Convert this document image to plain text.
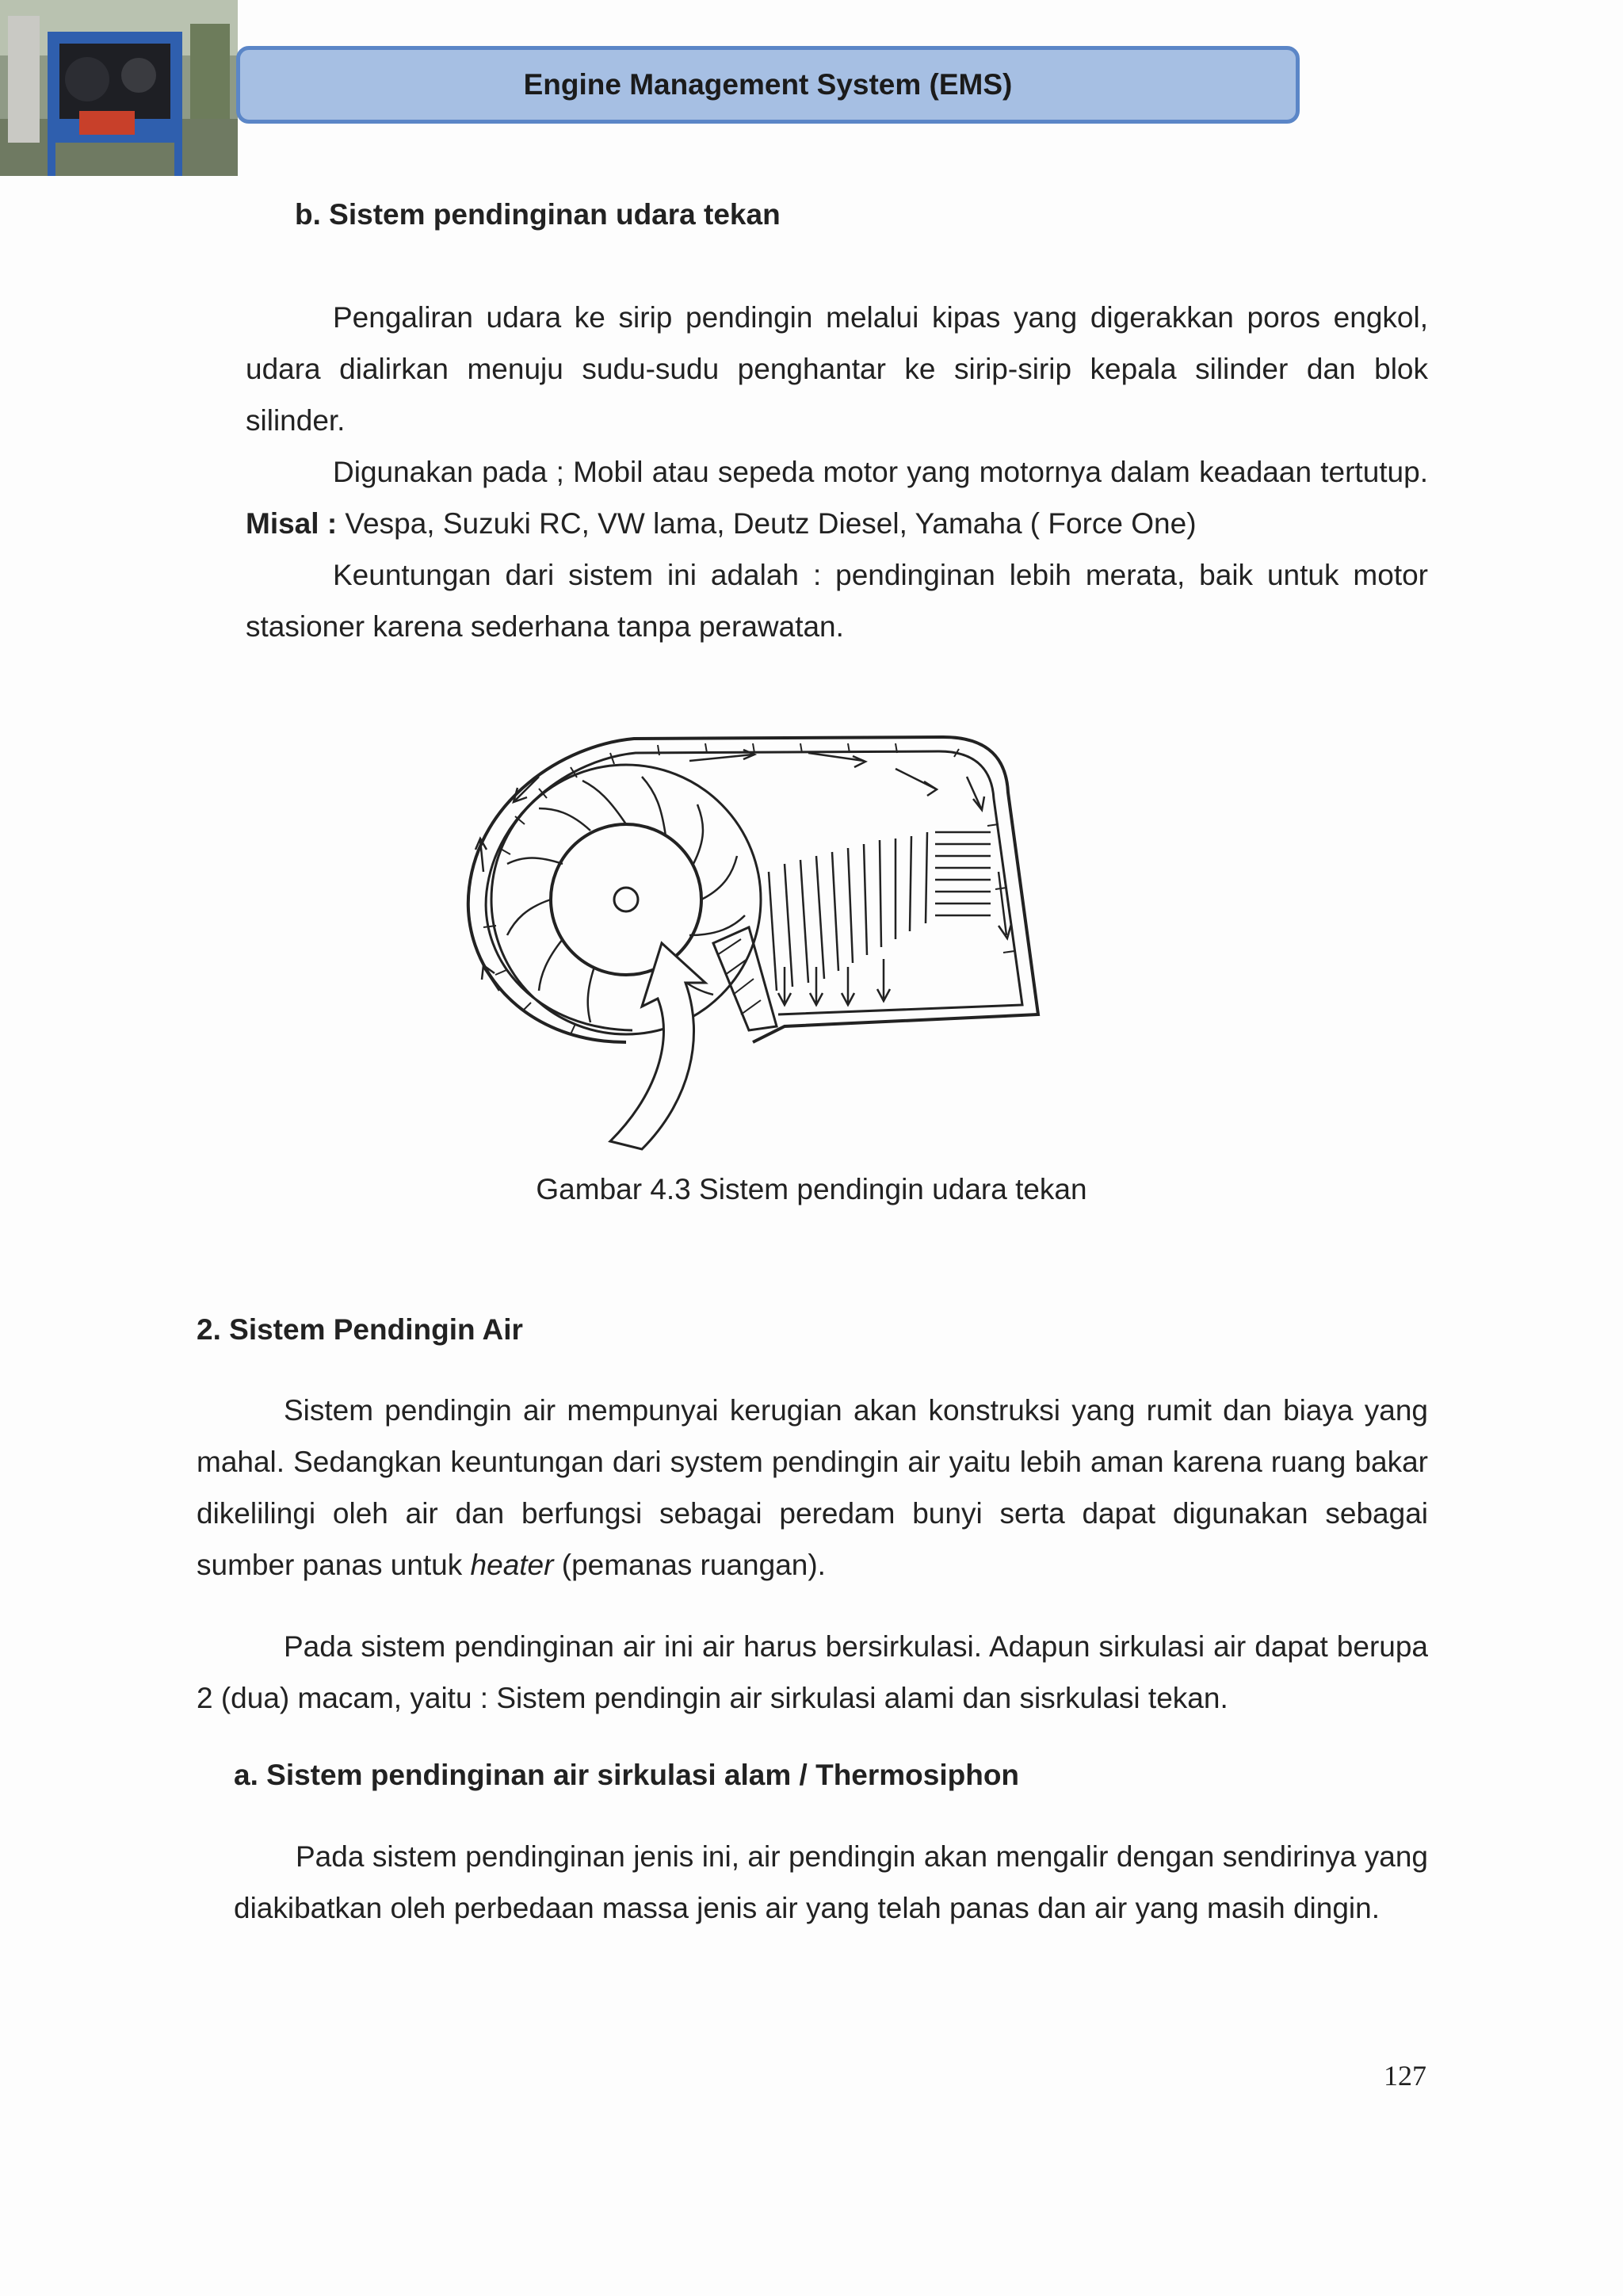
Engine Management System (EMS)
b. Sistem pendinginan udara tekan
Pengaliran udara ke sirip pendingin melalui kipas yang digerakkan poros engkol, udara dialirkan menuju sudu-sudu penghantar ke sirip-sirip kepala silinder dan blok silinder.
Digunakan pada ; Mobil atau sepeda motor yang motornya dalam keadaan tertutup. Misal : Vespa, Suzuki RC, VW lama, Deutz Diesel, Yamaha ( Force One)
Keuntungan dari sistem ini adalah : pendinginan lebih merata, baik untuk motor stasioner karena sederhana tanpa perawatan.
Gambar 4.3 Sistem pendingin udara tekan
2. Sistem Pendingin Air
Sistem pendingin air mempunyai kerugian akan konstruksi yang rumit dan biaya yang mahal. Sedangkan keuntungan dari system pendingin air yaitu lebih aman karena ruang bakar dikelilingi oleh air dan berfungsi sebagai peredam bunyi serta dapat digunakan sebagai sumber panas untuk heater (pemanas ruangan).
Pada sistem pendinginan air ini air harus bersirkulasi. Adapun sirkulasi air dapat berupa 2 (dua) macam, yaitu : Sistem pendingin air sirkulasi alami dan sisrkulasi tekan.
a. Sistem pendinginan air sirkulasi alam / Thermosiphon
Pada sistem pendinginan jenis ini, air pendingin akan mengalir dengan sendirinya yang diakibatkan oleh perbedaan massa jenis air yang telah panas dan air yang masih dingin.
127
